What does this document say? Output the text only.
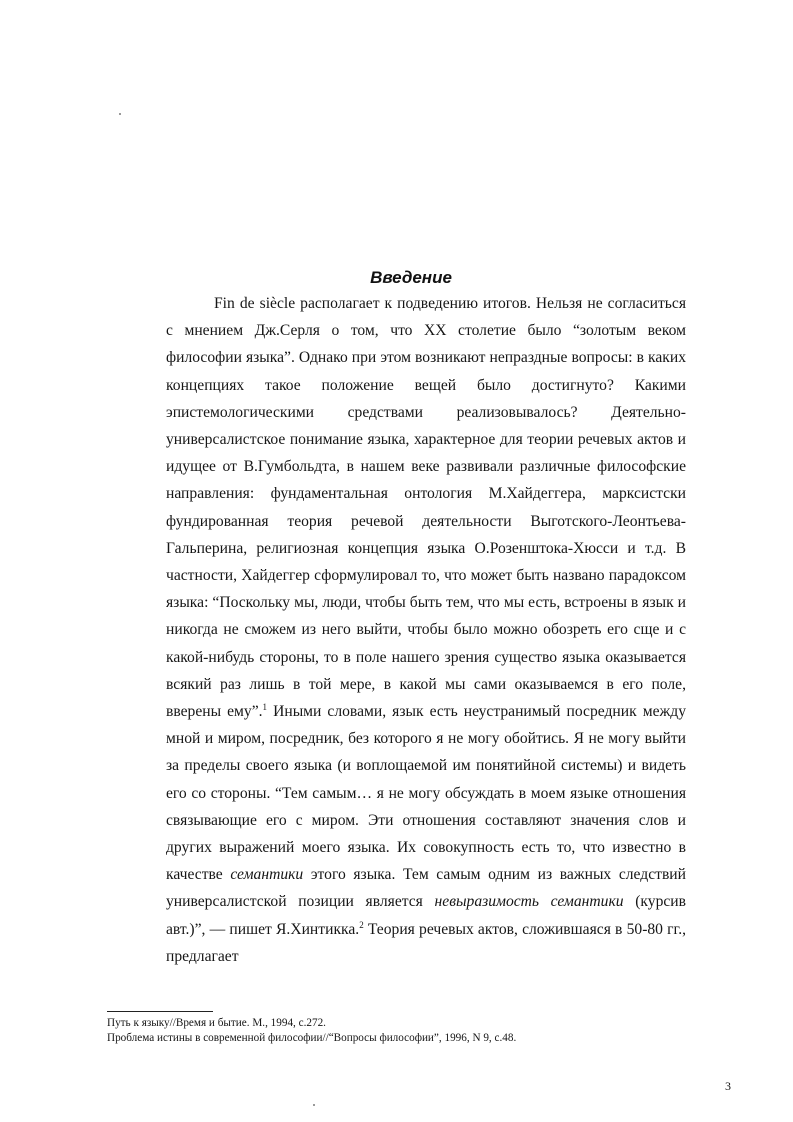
Введение

Fin de siècle располагает к подведению итогов. Нельзя не согласиться с мнением Дж.Серля о том, что XX столетие было “золотым веком философии языка”. Однако при этом возникают непраздные вопросы: в каких концепциях такое положение вещей было достигнуто? Какими эпистемологическими средствами реализовывалось? Деятельно-универсалистское понимание языка, характерное для теории речевых актов и идущее от В.Гумбольдта, в нашем веке развивали различные философские направления: фундаментальная онтология М.Хайдеггера, марксистски фундированная теория речевой деятельности Выготского-Леонтьева-Гальперина, религиозная концепция языка О.Розенштока-Хюсси и т.д. В частности, Хайдеггер сформулировал то, что может быть названо парадоксом языка: “Поскольку мы, люди, чтобы быть тем, что мы есть, встроены в язык и никогда не сможем из него выйти, чтобы было можно обозреть его сще и с какой-нибудь стороны, то в поле нашего зрения существо языка оказывается всякий раз лишь в той мере, в какой мы сами оказываемся в его поле, вверены ему”.$^1$ Иными словами, язык есть неустранимый посредник между мной и миром, посредник, без которого я не могу обойтись. Я не могу выйти за пределы своего языка (и воплощаемой им понятийной системы) и видеть его со стороны. “Тем самым… я не могу обсуждать в моем языке отношения связывающие его с миром. Эти отношения составляют значения слов и других выражений моего языка. Их совокупность есть то, что известно в качестве семантики этого языка. Тем самым одним из важных следствий универсалистской позиции является невыразимость семантики (курсив авт.)”, — пишет Я.Хинтикка.$^2$ Теория речевых актов, сложившаяся в 50-80 гг., предлагает

Путь к языку//Время и бытие. М., 1994, с.272.
Проблема истины в современной философии//“Вопросы философии”, 1996, N 9, с.48.
3
